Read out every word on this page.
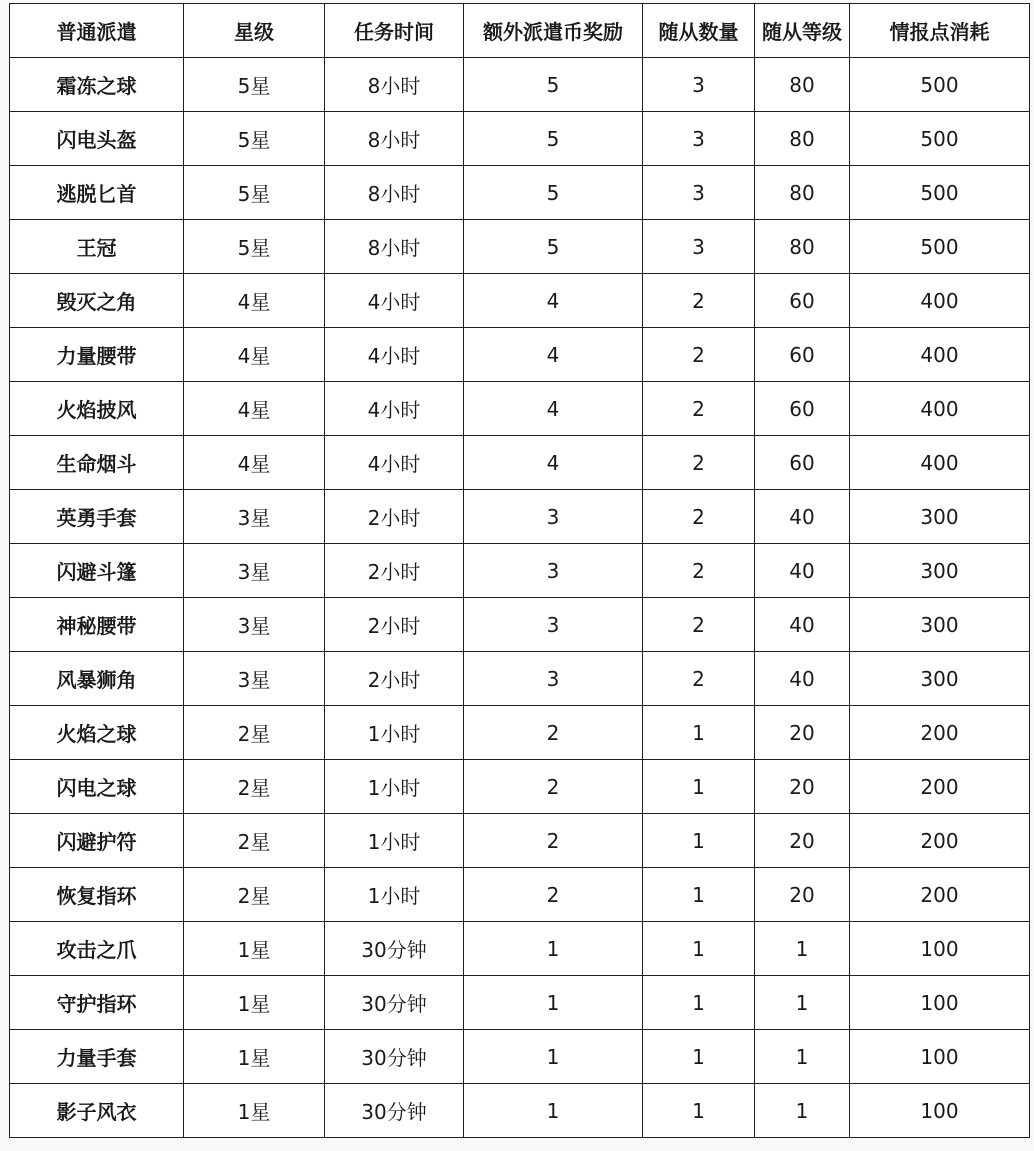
普通派遣	星级	任务时间	额外派遣币奖励	随从数量	随从等级	情报点消耗
霜冻之球	5星	8小时	5	3	80	500
闪电头盔	5星	8小时	5	3	80	500
逃脱匕首	5星	8小时	5	3	80	500
王冠	5星	8小时	5	3	80	500
毁灭之角	4星	4小时	4	2	60	400
力量腰带	4星	4小时	4	2	60	400
火焰披风	4星	4小时	4	2	60	400
生命烟斗	4星	4小时	4	2	60	400
英勇手套	3星	2小时	3	2	40	300
闪避斗篷	3星	2小时	3	2	40	300
神秘腰带	3星	2小时	3	2	40	300
风暴狮角	3星	2小时	3	2	40	300
火焰之球	2星	1小时	2	1	20	200
闪电之球	2星	1小时	2	1	20	200
闪避护符	2星	1小时	2	1	20	200
恢复指环	2星	1小时	2	1	20	200
攻击之爪	1星	30分钟	1	1	1	100
守护指环	1星	30分钟	1	1	1	100
力量手套	1星	30分钟	1	1	1	100
影子风衣	1星	30分钟	1	1	1	100
